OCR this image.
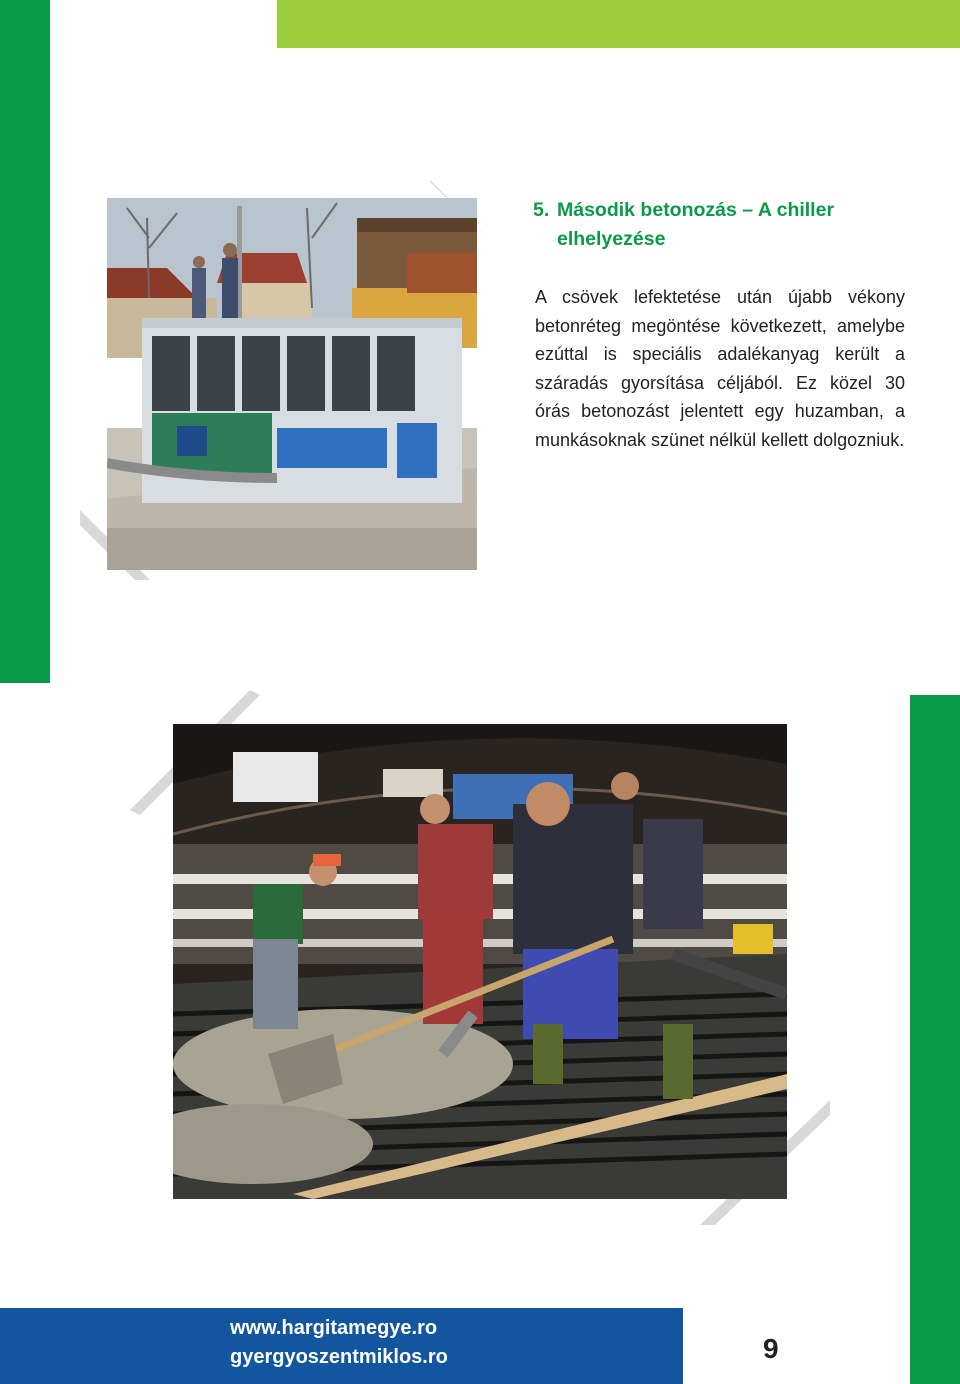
5. Második betonozás – A chiller
elhelyezése
A csövek lefektetése után újabb vékony betonréteg megöntése következett, amelybe ezúttal is speciális adalékanyag került a száradás gyorsítása céljából. Ez közel 30 órás betonozást jelentett egy huzamban, a munkásoknak szünet nélkül kellett dolgozniuk.
www.hargitamegye.ro
gyergyoszentmiklos.ro	9
